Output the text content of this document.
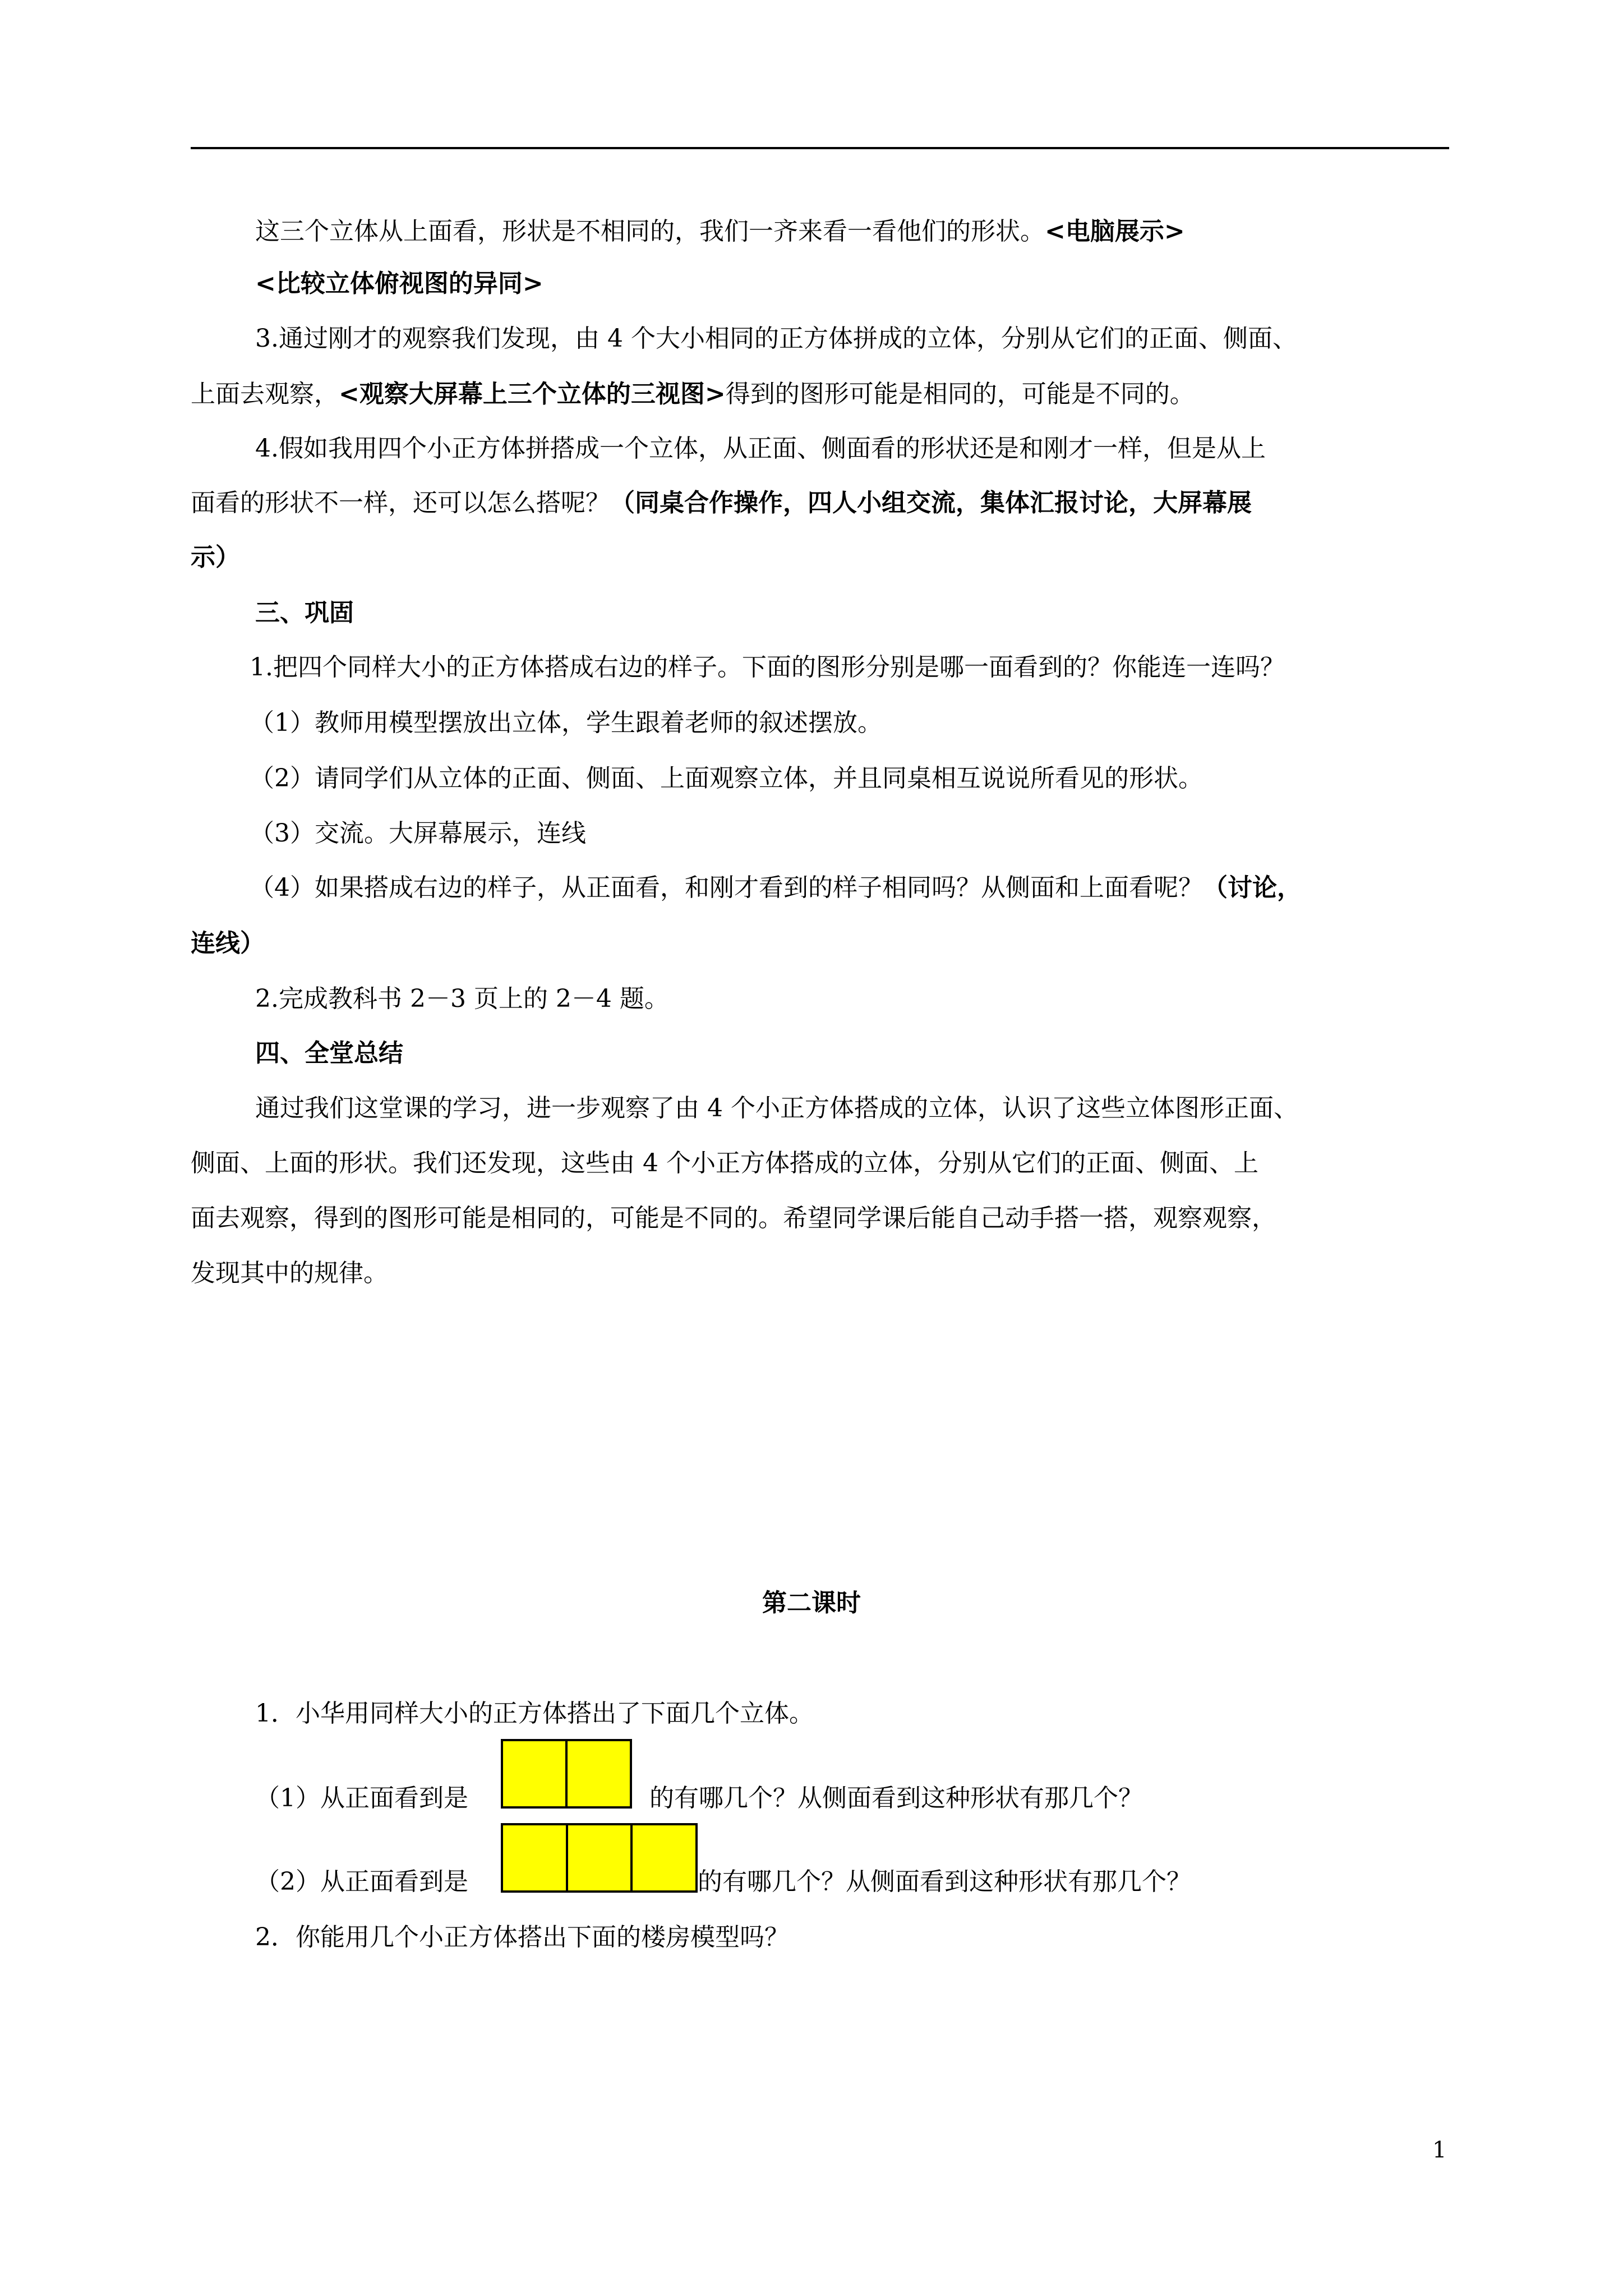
这三个立体从上面看，形状是不相同的，我们一齐来看一看他们的形状。<电脑展示>
<比较立体俯视图的异同>
3.通过刚才的观察我们发现，由 4 个大小相同的正方体拼成的立体，分别从它们的正面、侧面、
上面去观察，<观察大屏幕上三个立体的三视图>得到的图形可能是相同的，可能是不同的。
4.假如我用四个小正方体拼搭成一个立体，从正面、侧面看的形状还是和刚才一样，但是从上
面看的形状不一样，还可以怎么搭呢？（同桌合作操作，四人小组交流，集体汇报讨论，大屏幕展
示）
三、巩固
1.把四个同样大小的正方体搭成右边的样子。下面的图形分别是哪一面看到的？你能连一连吗？
（1）教师用模型摆放出立体，学生跟着老师的叙述摆放。
（2）请同学们从立体的正面、侧面、上面观察立体，并且同桌相互说说所看见的形状。
（3）交流。大屏幕展示，连线
（4）如果搭成右边的样子，从正面看，和刚才看到的样子相同吗？从侧面和上面看呢？（讨论，
连线）
2.完成教科书 2－3 页上的 2－4 题。
四、全堂总结
通过我们这堂课的学习，进一步观察了由 4 个小正方体搭成的立体，认识了这些立体图形正面、
侧面、上面的形状。我们还发现，这些由 4 个小正方体搭成的立体，分别从它们的正面、侧面、上
面去观察，得到的图形可能是相同的，可能是不同的。希望同学课后能自己动手搭一搭，观察观察，
发现其中的规律。
第二课时
1．小华用同样大小的正方体搭出了下面几个立体。
（1）从正面看到是	的有哪几个？从侧面看到这种形状有那几个？
（2）从正面看到是	的有哪几个？从侧面看到这种形状有那几个？
2．你能用几个小正方体搭出下面的楼房模型吗？
1
